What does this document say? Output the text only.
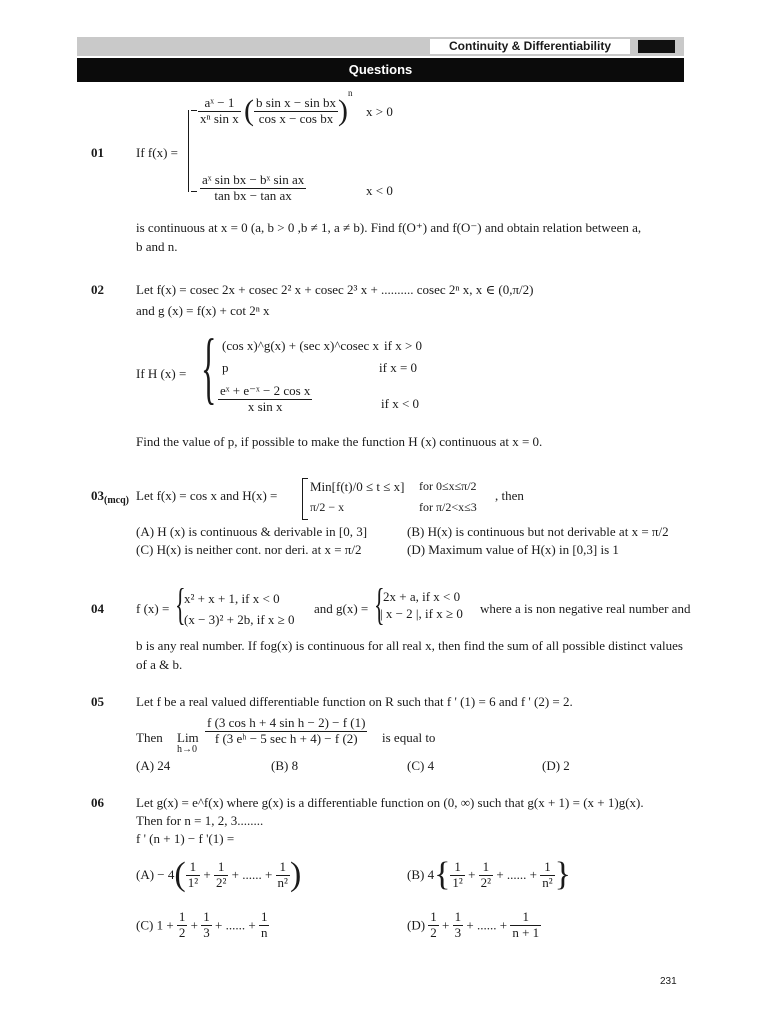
Continuity & Differentiability
Questions
01 If f(x) =
$\frac{\text{aˣ − 1}}{\text{xⁿ sin x}}$ ( $\frac{\text{b sin x − sin bx}}{\text{cos x − cos bx}} )^n$
x > 0
$\frac{\text{aˣ sin bx − bˣ sin ax}}{\text{tan bx − tan ax}}$	x < 0
is continuous at x = 0 (a, b > 0 ,b ≠ 1, a ≠ b). Find f(O⁺) and f(O⁻) and obtain relation between a,
b and n.
02 Let f(x) = cosec 2x + cosec 2² x + cosec 2³ x + .......... cosec 2ⁿ x, x ∈ (0,π/2)
and g (x) = f(x) + cot 2ⁿ x
If H (x) = { (cos x)^g(x) + (sec x)^cosec x if x > 0
p	if x = 0
$\frac{\text{eˣ + e⁻ˣ − 2 cos x}}{\text{x sin x}}$	if x < 0
Find the value of p, if possible to make the function H (x) continuous at x = 0.
$03_{(mcq)}$ Let f(x) = cos x and H(x) =
Min[f(t)/0 ≤ t ≤ x] for 0≤x≤π/2
π/2 − x	for π/2<x≤3
, then
(A) H (x) is continuous & derivable in [0, 3]	(B) H(x) is continuous but not derivable at x = π/2
(C) H(x) is neither cont. nor deri. at x = π/2	(D) Maximum value of H(x) in [0,3] is 1
04 f (x) = {
x² + x + 1, if x < 0
(x − 3)² + 2b, if x ≥ 0
and g(x) = {
2x + a, if x < 0
| x − 2 |, if x ≥ 0 where a is non negative real number and
b is any real number. If fog(x) is continuous for all real x, then find the sum of all possible distinct values
of a & b.
05 Let f be a real valued differentiable function on R such that f ' (1) = 6 and f ' (2) = 2.
Then Lim
h→0
$\frac{\text{f (3 cos h + 4 sin h − 2) − f (1)}}{\text{f (3 eʰ − 5 sec h + 4) − f (2)}}$ is equal to
(A) 24	(B) 8	(C) 4	(D) 2
06 Let g(x) = e^f(x) where g(x) is a differentiable function on (0, ∞) such that g(x + 1) = (x + 1)g(x).
Then for n = 1, 2, 3........
f ' (n + 1) − f '(1) =
$(A) - 4( \frac{1}{\text{1²}} + \frac{1}{\text{2²}}$ + ...... + $\frac{1}{\text{n²}}$ )	(B) $4\{ \frac{1}{\text{1²}} + \frac{1}{\text{2²}}$ + ...... + $\frac{1}{\text{n²}}$ }
(C) $1 + \frac{1}{2} + \frac{1}{3}$ + ...... + $\frac{1}{n}$	$(D) \frac{1}{2} + \frac{1}{3}$ + ...... + $\frac{1}{n + 1}$
231
